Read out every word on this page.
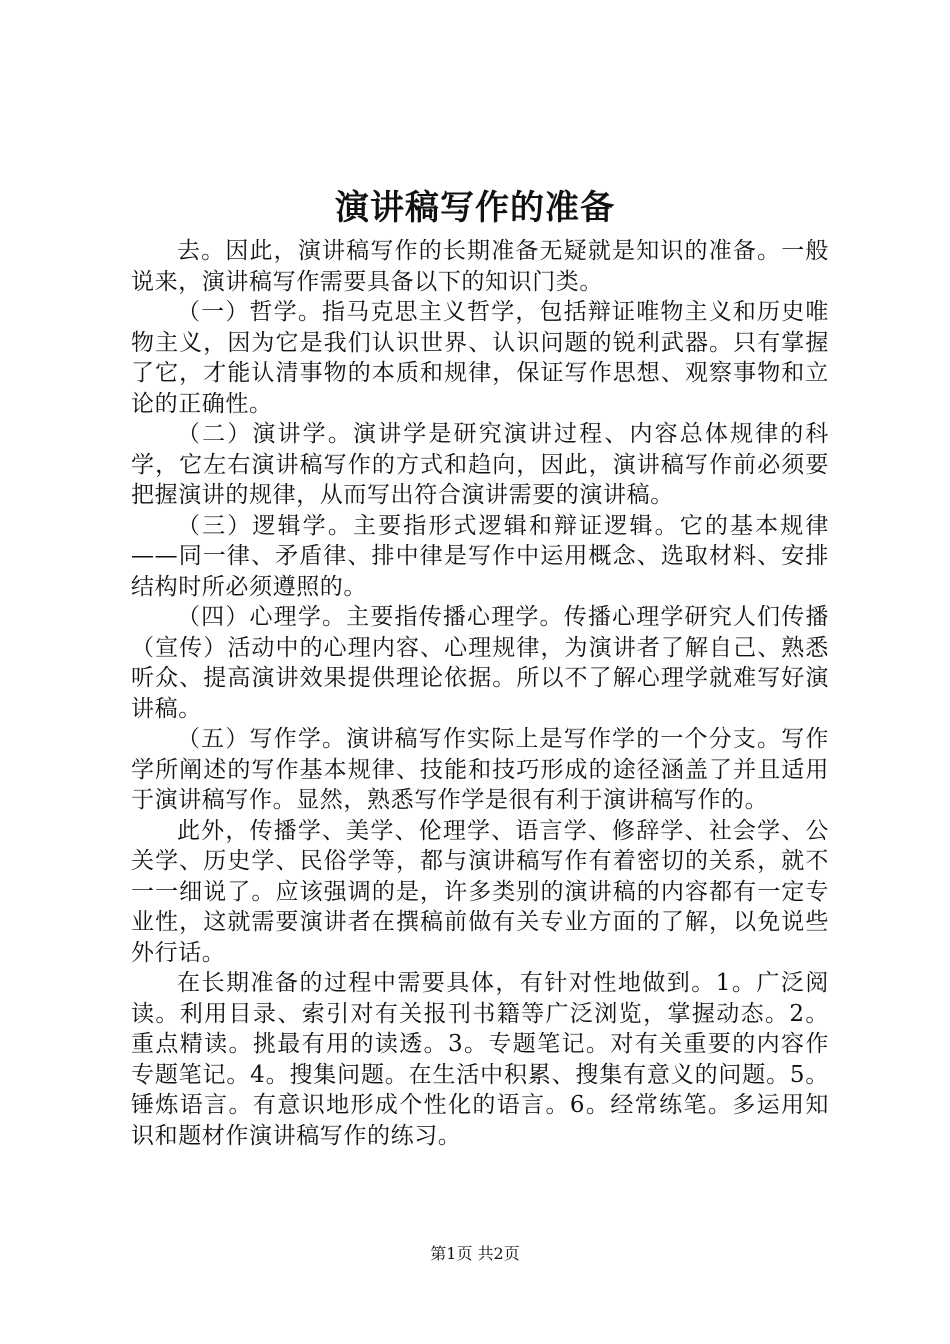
演讲稿写作的准备

去。因此，演讲稿写作的长期准备无疑就是知识的准备。一般说来，演讲稿写作需要具备以下的知识门类。

（一）哲学。指马克思主义哲学，包括辩证唯物主义和历史唯物主义，因为它是我们认识世界、认识问题的锐利武器。只有掌握了它，才能认清事物的本质和规律，保证写作思想、观察事物和立论的正确性。

（二）演讲学。演讲学是研究演讲过程、内容总体规律的科学，它左右演讲稿写作的方式和趋向，因此，演讲稿写作前必须要把握演讲的规律，从而写出符合演讲需要的演讲稿。

（三）逻辑学。主要指形式逻辑和辩证逻辑。它的基本规律——同一律、矛盾律、排中律是写作中运用概念、选取材料、安排结构时所必须遵照的。

（四）心理学。主要指传播心理学。传播心理学研究人们传播（宣传）活动中的心理内容、心理规律，为演讲者了解自己、熟悉听众、提高演讲效果提供理论依据。所以不了解心理学就难写好演讲稿。

（五）写作学。演讲稿写作实际上是写作学的一个分支。写作学所阐述的写作基本规律、技能和技巧形成的途径涵盖了并且适用于演讲稿写作。显然，熟悉写作学是很有利于演讲稿写作的。

此外，传播学、美学、伦理学、语言学、修辞学、社会学、公关学、历史学、民俗学等，都与演讲稿写作有着密切的关系，就不一一细说了。应该强调的是，许多类别的演讲稿的内容都有一定专业性，这就需要演讲者在撰稿前做有关专业方面的了解，以免说些外行话。

在长期准备的过程中需要具体，有针对性地做到。1。广泛阅读。利用目录、索引对有关报刊书籍等广泛浏览，掌握动态。2。重点精读。挑最有用的读透。3。专题笔记。对有关重要的内容作专题笔记。4。搜集问题。在生活中积累、搜集有意义的问题。5。锤炼语言。有意识地形成个性化的语言。6。经常练笔。多运用知识和题材作演讲稿写作的练习。

第1页 共2页
